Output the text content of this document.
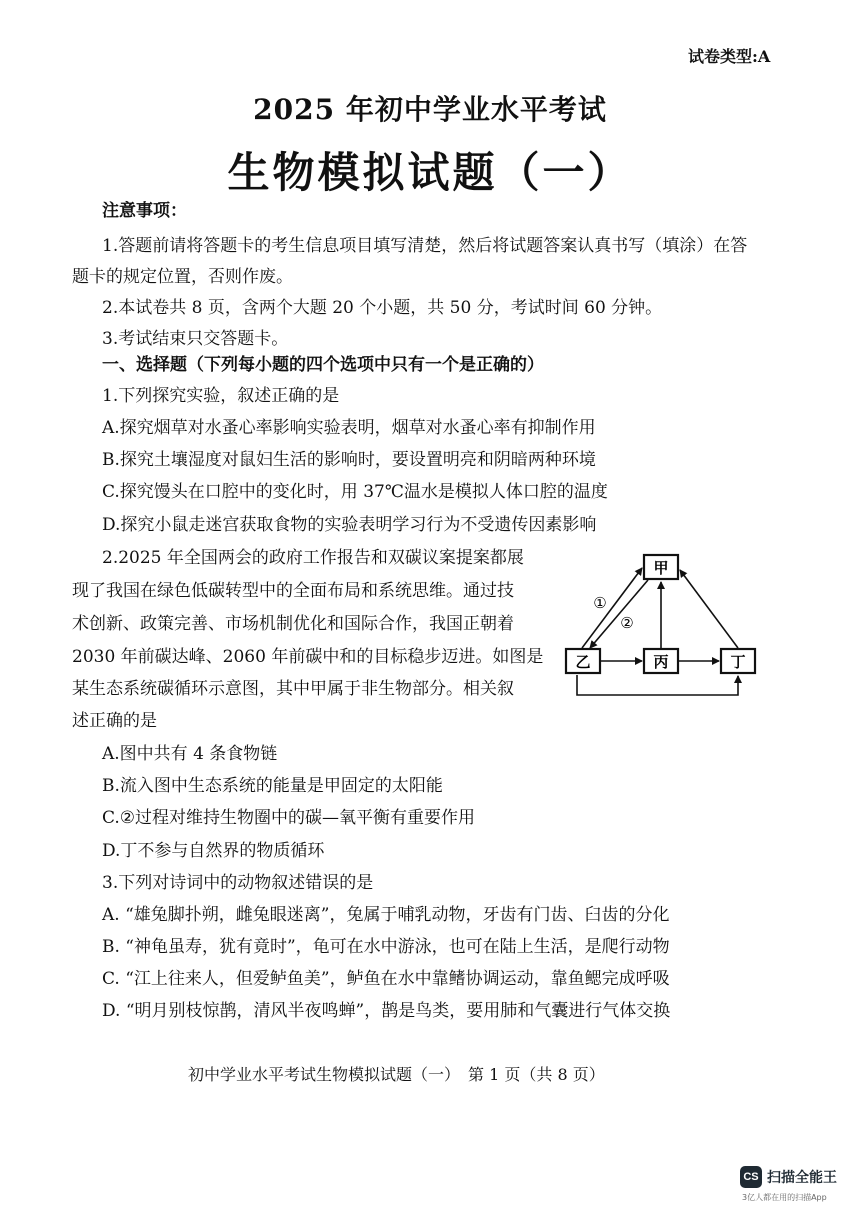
试卷类型:A
2025 年初中学业水平考试
生物模拟试题（一）
注意事项：
1.答题前请将答题卡的考生信息项目填写清楚，然后将试题答案认真书写（填涂）在答
题卡的规定位置，否则作废。
2.本试卷共 8 页，含两个大题 20 个小题，共 50 分，考试时间 60 分钟。
3.考试结束只交答题卡。
一、选择题（下列每小题的四个选项中只有一个是正确的）
1.下列探究实验，叙述正确的是
A.探究烟草对水蚤心率影响实验表明，烟草对水蚤心率有抑制作用
B.探究土壤湿度对鼠妇生活的影响时，要设置明亮和阴暗两种环境
C.探究馒头在口腔中的变化时，用 37℃温水是模拟人体口腔的温度
D.探究小鼠走迷宫获取食物的实验表明学习行为不受遗传因素影响
2.2025 年全国两会的政府工作报告和双碳议案提案都展
现了我国在绿色低碳转型中的全面布局和系统思维。通过技
术创新、政策完善、市场机制优化和国际合作，我国正朝着
2030 年前碳达峰、2060 年前碳中和的目标稳步迈进。如图是
某生态系统碳循环示意图，其中甲属于非生物部分。相关叙
述正确的是
A.图中共有 4 条食物链
B.流入图中生态系统的能量是甲固定的太阳能
C.②过程对维持生物圈中的碳—氧平衡有重要作用
D.丁不参与自然界的物质循环
甲
乙	丙	丁
①
②
3.下列对诗词中的动物叙述错误的是
A. “雄兔脚扑朔，雌兔眼迷离”，兔属于哺乳动物，牙齿有门齿、臼齿的分化
B. “神龟虽寿，犹有竟时”，龟可在水中游泳，也可在陆上生活，是爬行动物
C. “江上往来人，但爱鲈鱼美”，鲈鱼在水中靠鳍协调运动，靠鱼鳃完成呼吸
D. “明月别枝惊鹊，清风半夜鸣蝉”，鹊是鸟类，要用肺和气囊进行气体交换
初中学业水平考试生物模拟试题（一）　第 1 页（共 8 页）
CS 扫描全能王
3亿人都在用的扫描App
